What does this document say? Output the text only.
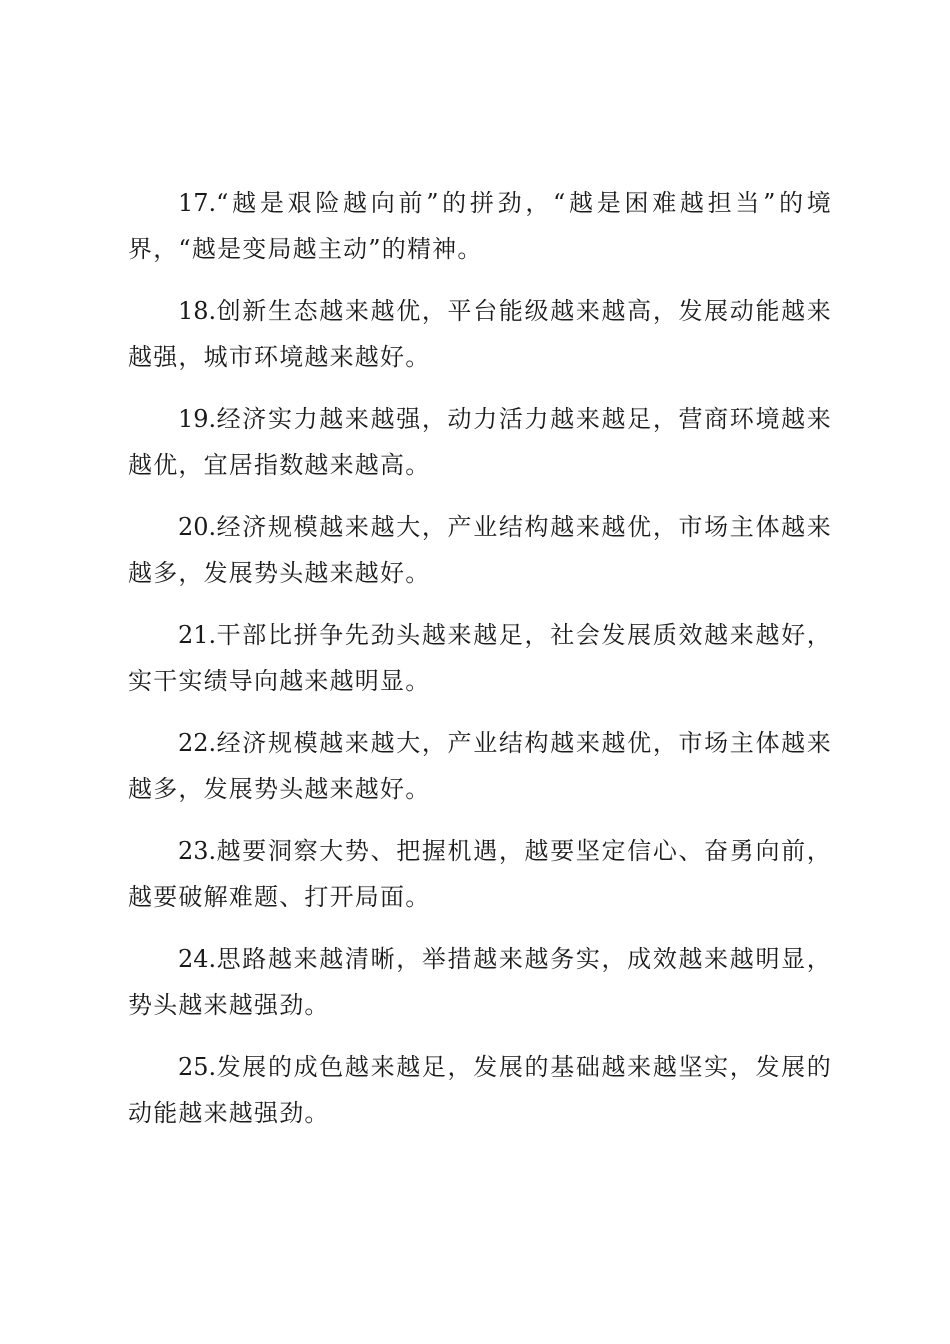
17.“越是艰险越向前”的拼劲，“越是困难越担当”的境界，“越是变局越主动”的精神。

18.创新生态越来越优，平台能级越来越高，发展动能越来越强，城市环境越来越好。

19.经济实力越来越强，动力活力越来越足，营商环境越来越优，宜居指数越来越高。

20.经济规模越来越大，产业结构越来越优，市场主体越来越多，发展势头越来越好。

21.干部比拼争先劲头越来越足，社会发展质效越来越好，实干实绩导向越来越明显。

22.经济规模越来越大，产业结构越来越优，市场主体越来越多，发展势头越来越好。

23.越要洞察大势、把握机遇，越要坚定信心、奋勇向前，越要破解难题、打开局面。

24.思路越来越清晰，举措越来越务实，成效越来越明显，势头越来越强劲。

25.发展的成色越来越足，发展的基础越来越坚实，发展的动能越来越强劲。
